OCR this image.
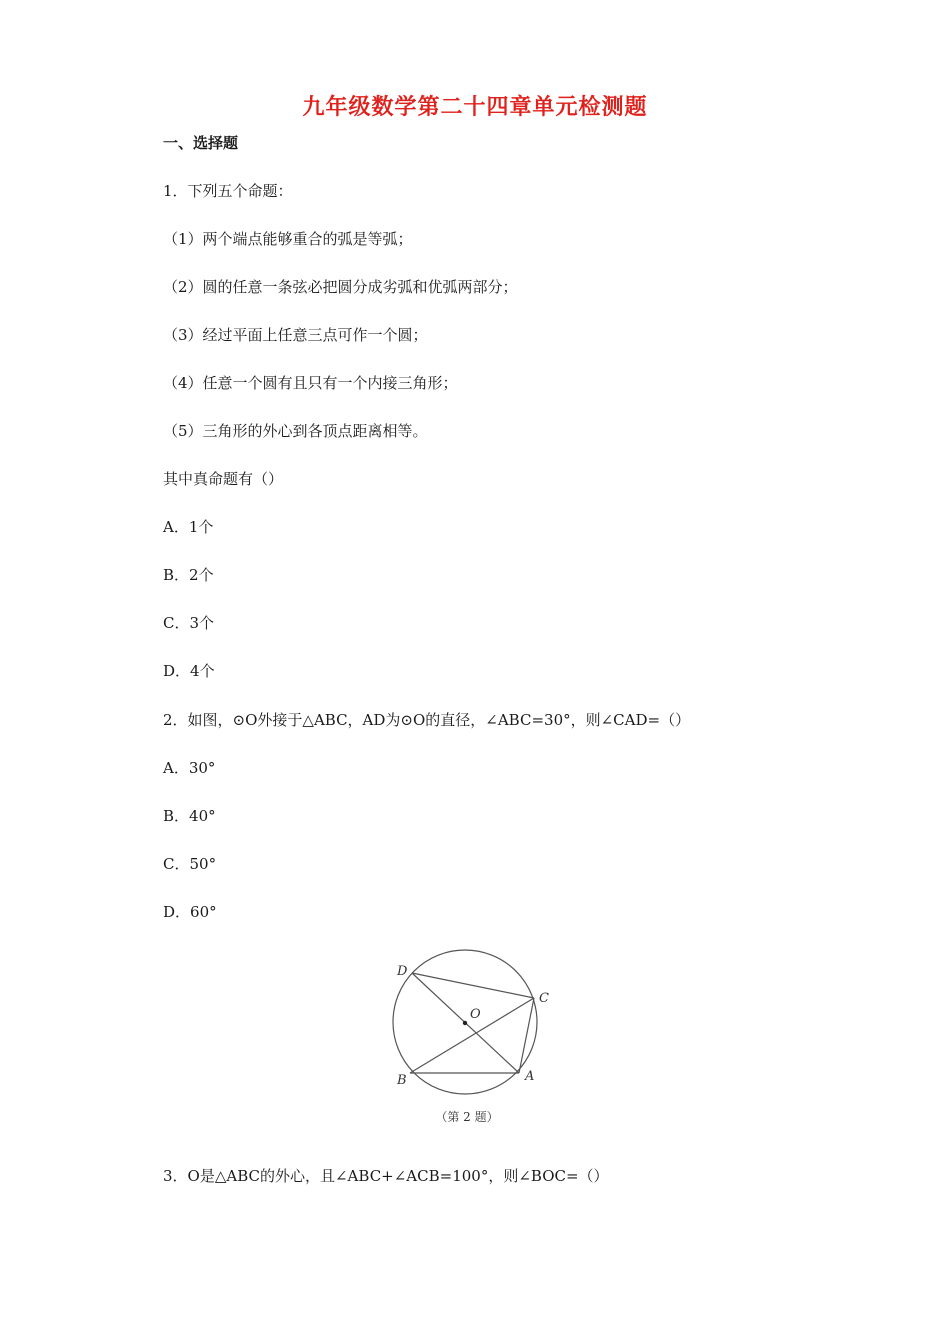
九年级数学第二十四章单元检测题
一、选择题
1．下列五个命题：
（1）两个端点能够重合的弧是等弧；
（2）圆的任意一条弦必把圆分成劣弧和优弧两部分；
（3）经过平面上任意三点可作一个圆；
（4）任意一个圆有且只有一个内接三角形；
（5）三角形的外心到各顶点距离相等。
其中真命题有（）
A．1个
B．2个
C．3个
D．4个
2．如图，⊙O外接于△ABC，AD为⊙O的直径，∠ABC=30°，则∠CAD=（）
A．30°
B．40°
C．50°
D．60°
D
C
O
B	A
（第 2 题）
3．O是△ABC的外心，且∠ABC+∠ACB=100°，则∠BOC=（）
